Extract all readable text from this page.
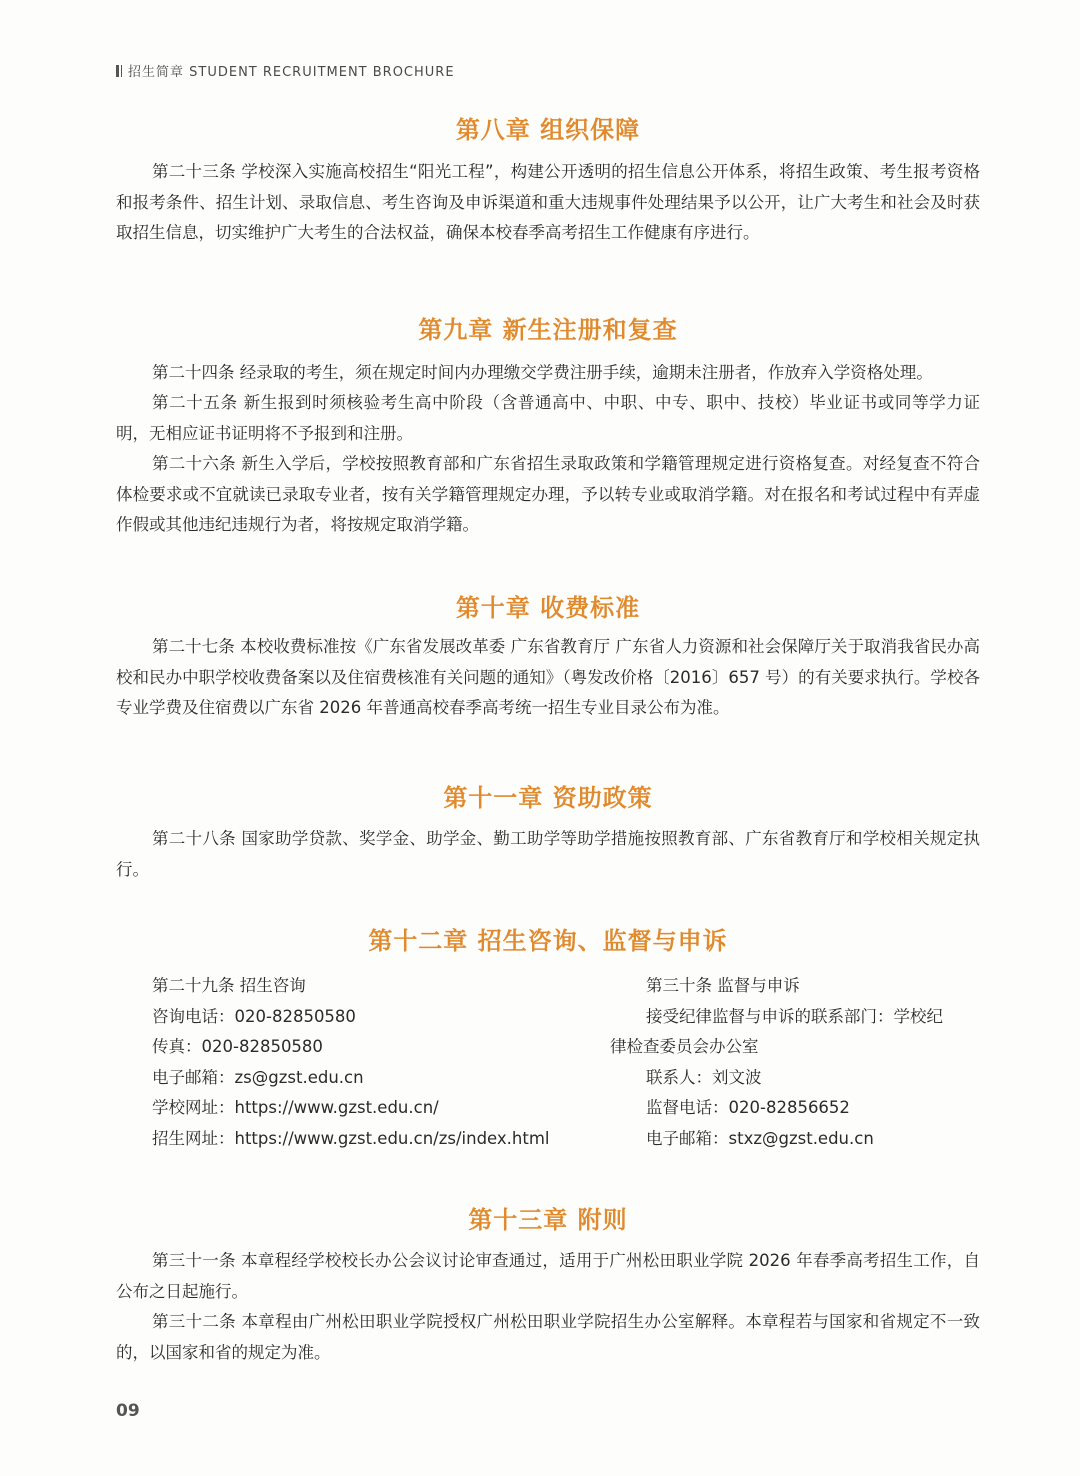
招生简章 STUDENT RECRUITMENT BROCHURE
第八章 组织保障
第二十三条 学校深入实施高校招生“阳光工程”，构建公开透明的招生信息公开体系，将招生政策、考生报考资格和报考条件、招生计划、录取信息、考生咨询及申诉渠道和重大违规事件处理结果予以公开，让广大考生和社会及时获取招生信息，切实维护广大考生的合法权益，确保本校春季高考招生工作健康有序进行。
第九章 新生注册和复查
第二十四条 经录取的考生，须在规定时间内办理缴交学费注册手续，逾期未注册者，作放弃入学资格处理。
第二十五条 新生报到时须核验考生高中阶段（含普通高中、中职、中专、职中、技校）毕业证书或同等学力证明，无相应证书证明将不予报到和注册。
第二十六条 新生入学后，学校按照教育部和广东省招生录取政策和学籍管理规定进行资格复查。对经复查不符合体检要求或不宜就读已录取专业者，按有关学籍管理规定办理，予以转专业或取消学籍。对在报名和考试过程中有弄虚作假或其他违纪违规行为者，将按规定取消学籍。
第十章 收费标准
第二十七条 本校收费标准按《广东省发展改革委 广东省教育厅 广东省人力资源和社会保障厅关于取消我省民办高校和民办中职学校收费备案以及住宿费核准有关问题的通知》（粤发改价格〔2016〕657 号）的有关要求执行。学校各专业学费及住宿费以广东省 2026 年普通高校春季高考统一招生专业目录公布为准。
第十一章 资助政策
第二十八条 国家助学贷款、奖学金、助学金、勤工助学等助学措施按照教育部、广东省教育厅和学校相关规定执行。
第十二章 招生咨询、监督与申诉
第二十九条 招生咨询
咨询电话：020-82850580
传真：020-82850580
电子邮箱：zs@gzst.edu.cn
学校网址：https://www.gzst.edu.cn/
招生网址：https://www.gzst.edu.cn/zs/index.html
第三十条 监督与申诉
接受纪律监督与申诉的联系部门：学校纪
律检查委员会办公室
联系人：刘文波
监督电话：020-82856652
电子邮箱：stxz@gzst.edu.cn
第十三章 附则
第三十一条 本章程经学校校长办公会议讨论审查通过，适用于广州松田职业学院 2026 年春季高考招生工作，自公布之日起施行。
第三十二条 本章程由广州松田职业学院授权广州松田职业学院招生办公室解释。本章程若与国家和省规定不一致的，以国家和省的规定为准。
09
